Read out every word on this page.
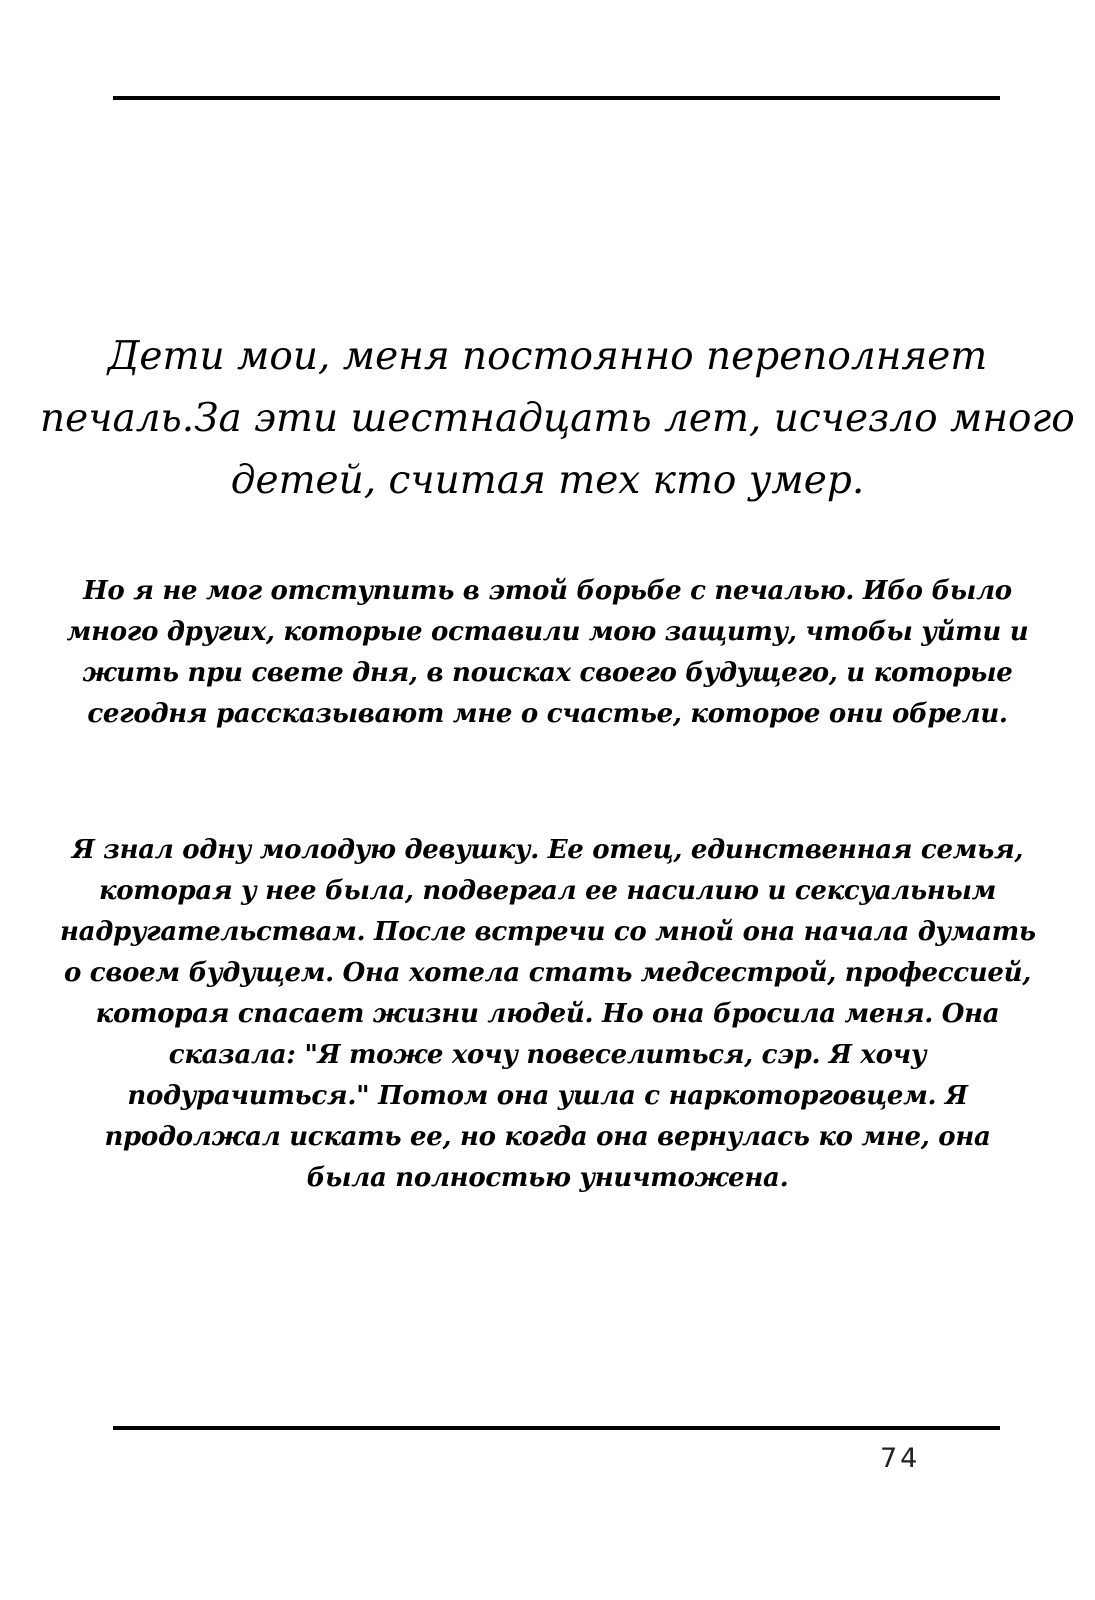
Дети мои, меня постоянно переполняет
печаль.За эти шестнадцать лет, исчезло много
детей, считая тех кто умер.

Но я не мог отступить в этой борьбе с печалью. Ибо было
много других, которые оставили мою защиту, чтобы уйти и
жить при свете дня, в поисках своего будущего, и которые
сегодня рассказывают мне о счастье, которое они обрели.

Я знал одну молодую девушку. Ее отец, единственная семья,
которая у нее была, подвергал ее насилию и сексуальным
надругательствам. После встречи со мной она начала думать
о своем будущем. Она хотела стать медсестрой, профессией,
которая спасает жизни людей. Но она бросила меня. Она
сказала: "Я тоже хочу повеселиться, сэр. Я хочу
подурачиться." Потом она ушла с наркоторговцем. Я
продолжал искать ее, но когда она вернулась ко мне, она
была полностью уничтожена.

74
